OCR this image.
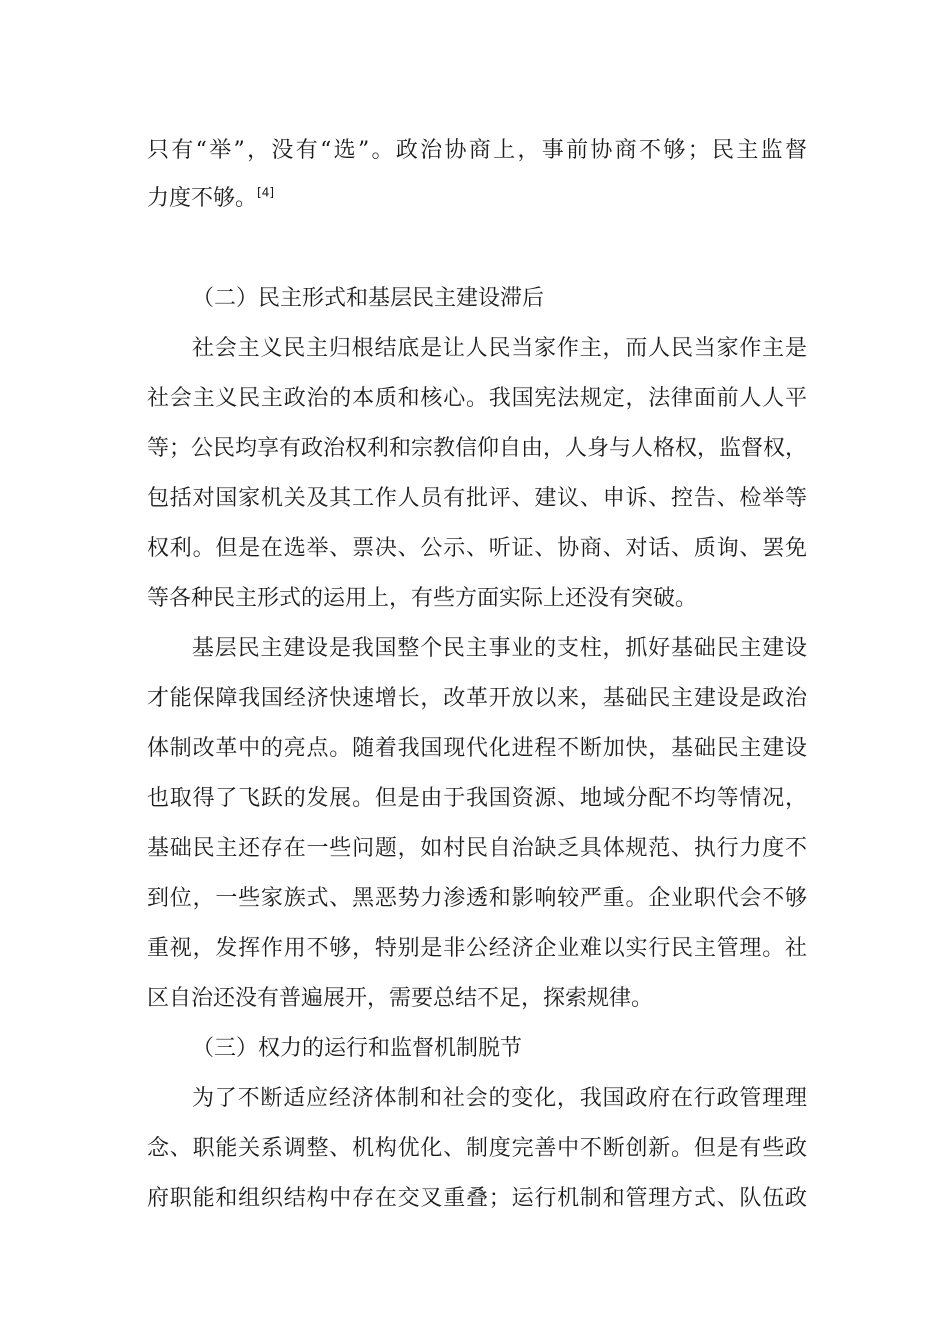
只有“举”，没有“选”。政治协商上，事前协商不够；民主监督
力度不够。[4]
（二）民主形式和基层民主建设滞后
社会主义民主归根结底是让人民当家作主，而人民当家作主是
社会主义民主政治的本质和核心。我国宪法规定，法律面前人人平
等；公民均享有政治权利和宗教信仰自由，人身与人格权，监督权，
包括对国家机关及其工作人员有批评、建议、申诉、控告、检举等
权利。但是在选举、票决、公示、听证、协商、对话、质询、罢免
等各种民主形式的运用上，有些方面实际上还没有突破。
基层民主建设是我国整个民主事业的支柱，抓好基础民主建设
才能保障我国经济快速增长，改革开放以来，基础民主建设是政治
体制改革中的亮点。随着我国现代化进程不断加快，基础民主建设
也取得了飞跃的发展。但是由于我国资源、地域分配不均等情况，
基础民主还存在一些问题，如村民自治缺乏具体规范、执行力度不
到位，一些家族式、黑恶势力渗透和影响较严重。企业职代会不够
重视，发挥作用不够，特别是非公经济企业难以实行民主管理。社
区自治还没有普遍展开，需要总结不足，探索规律。
（三）权力的运行和监督机制脱节
为了不断适应经济体制和社会的变化，我国政府在行政管理理
念、职能关系调整、机构优化、制度完善中不断创新。但是有些政
府职能和组织结构中存在交叉重叠；运行机制和管理方式、队伍政
